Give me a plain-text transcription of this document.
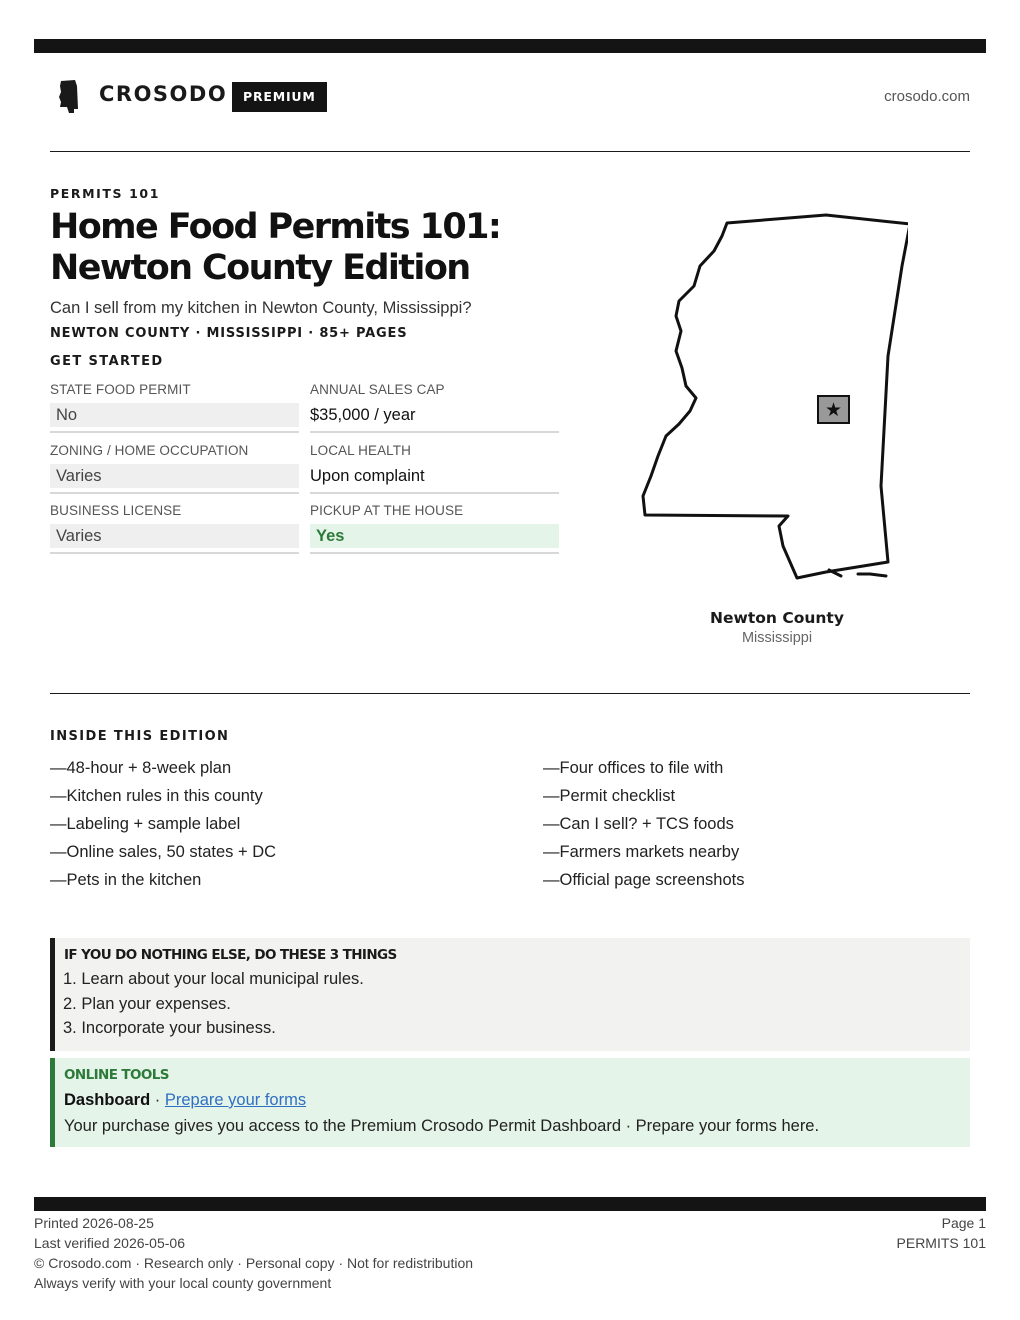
CROSODO	PREMIUM	crosodo.com
PERMITS 101
Home Food Permits 101: Newton County Edition

Can I sell from my kitchen in Newton County, Mississippi?

NEWTON COUNTY · MISSISSIPPI · 85+ PAGES
GET STARTED
STATE FOOD PERMIT
No
ANNUAL SALES CAP
$35,000 / year
ZONING / HOME OCCUPATION
Varies
LOCAL HEALTH
Upon complaint
BUSINESS LICENSE
Varies
PICKUP AT THE HOUSE
Yes
★
Newton County
Mississippi
INSIDE THIS EDITION
—48-hour + 8-week plan
—Kitchen rules in this county
—Labeling + sample label
—Online sales, 50 states + DC
—Pets in the kitchen
—Four offices to file with
—Permit checklist
—Can I sell? + TCS foods
—Farmers markets nearby
—Official page screenshots
IF YOU DO NOTHING ELSE, DO THESE 3 THINGS
1. Learn about your local municipal rules.
2. Plan your expenses.
3. Incorporate your business.
ONLINE TOOLS
Dashboard · Prepare your forms
Your purchase gives you access to the Premium Crosodo Permit Dashboard · Prepare your forms here.
Printed 2026-08-25
Last verified 2026-05-06
© Crosodo.com · Research only · Personal copy · Not for redistribution
Always verify with your local county government
Page 1
PERMITS 101
